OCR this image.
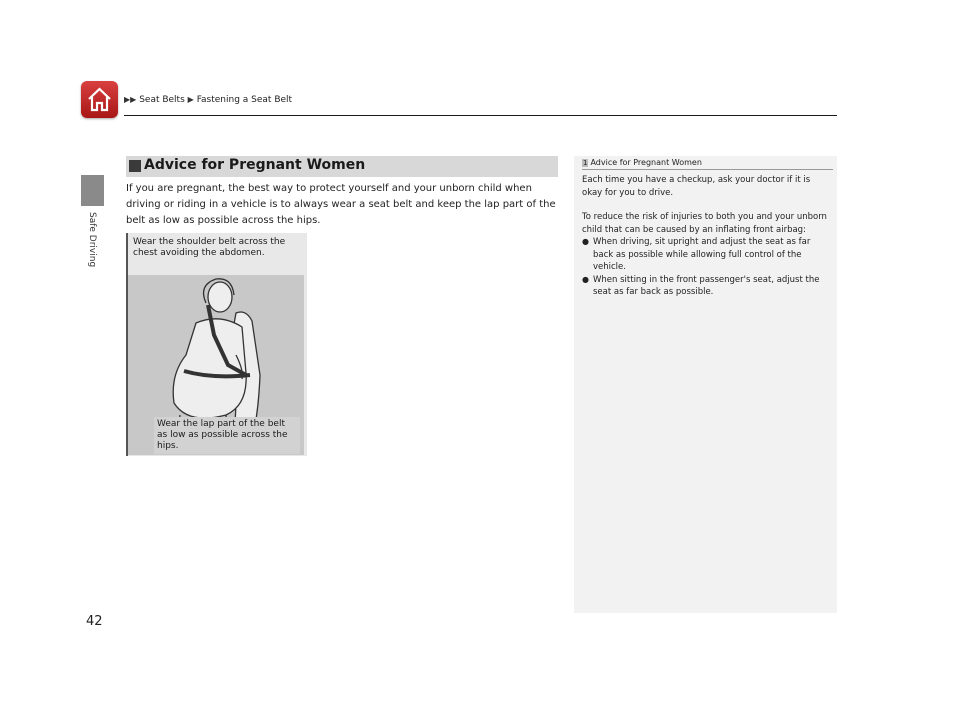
▶▶ Seat Belts ▶ Fastening a Seat Belt
Safe Driving
42
Advice for Pregnant Women
If you are pregnant, the best way to protect yourself and your unborn child when driving or riding in a vehicle is to always wear a seat belt and keep the lap part of the belt as low as possible across the hips.
Wear the shoulder belt across the chest avoiding the abdomen.
Wear the lap part of the belt as low as possible across the hips.
1 Advice for Pregnant Women

Each time you have a checkup, ask your doctor if it is okay for you to drive.

To reduce the risk of injuries to both you and your unborn child that can be caused by an inflating front airbag:
● When driving, sit upright and adjust the seat as far back as possible while allowing full control of the vehicle.
● When sitting in the front passenger's seat, adjust the seat as far back as possible.
